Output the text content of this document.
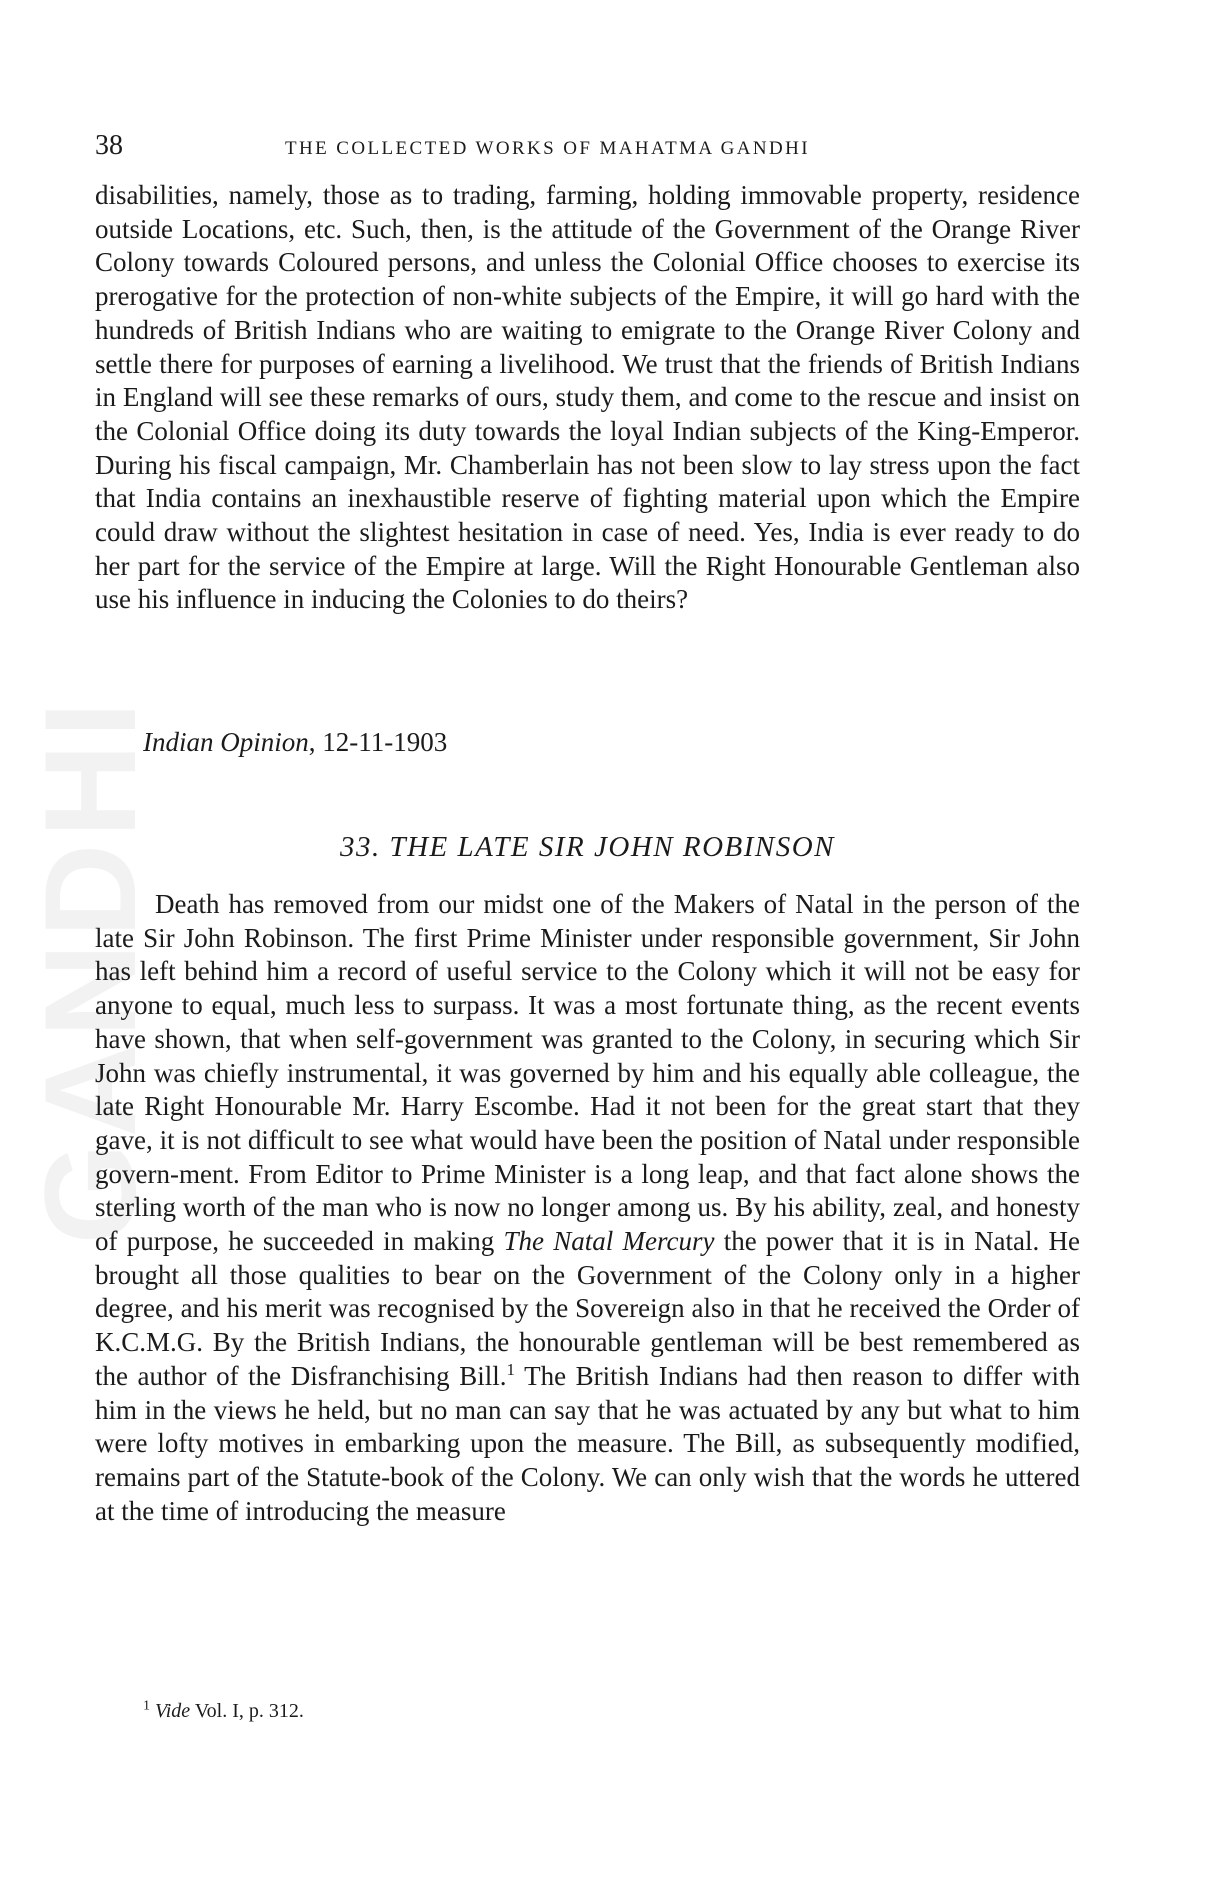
GANDHI
38	THE COLLECTED WORKS OF MAHATMA GANDHI

disabilities, namely, those as to trading, farming, holding immovable property, residence outside Locations, etc. Such, then, is the attitude of the Government of the Orange River Colony towards Coloured persons, and unless the Colonial Office chooses to exercise its prerogative for the protection of non-white subjects of the Empire, it will go hard with the hundreds of British Indians who are waiting to emigrate to the Orange River Colony and settle there for purposes of earning a livelihood. We trust that the friends of British Indians in England will see these remarks of ours, study them, and come to the rescue and insist on the Colonial Office doing its duty towards the loyal Indian subjects of the King-Emperor. During his fiscal campaign, Mr. Chamberlain has not been slow to lay stress upon the fact that India contains an inexhaustible reserve of fighting material upon which the Empire could draw without the slightest hesitation in case of need. Yes, India is ever ready to do her part for the service of the Empire at large. Will the Right Honourable Gentleman also use his influence in inducing the Colonies to do theirs?

Indian Opinion, 12-11-1903
33. THE LATE SIR JOHN ROBINSON

Death has removed from our midst one of the Makers of Natal in the person of the late Sir John Robinson. The first Prime Minister under responsible government, Sir John has left behind him a record of useful service to the Colony which it will not be easy for anyone to equal, much less to surpass. It was a most fortunate thing, as the recent events have shown, that when self-government was granted to the Colony, in securing which Sir John was chiefly instrumental, it was governed by him and his equally able colleague, the late Right Honourable Mr. Harry Escombe. Had it not been for the great start that they gave, it is not difficult to see what would have been the position of Natal under responsible govern-ment. From Editor to Prime Minister is a long leap, and that fact alone shows the sterling worth of the man who is now no longer among us. By his ability, zeal, and honesty of purpose, he succeeded in making The Natal Mercury the power that it is in Natal. He brought all those qualities to bear on the Government of the Colony only in a higher degree, and his merit was recognised by the Sovereign also in that he received the Order of K.C.M.G. By the British Indians, the honourable gentleman will be best remembered as the author of the Disfranchising Bill.$^1$ The British Indians had then reason to differ with him in the views he held, but no man can say that he was actuated by any but what to him were lofty motives in embarking upon the measure. The Bill, as subsequently modified, remains part of the Statute-book of the Colony. We can only wish that the words he uttered at the time of introducing the measure

$^1$ Vide Vol. I, p. 312.
